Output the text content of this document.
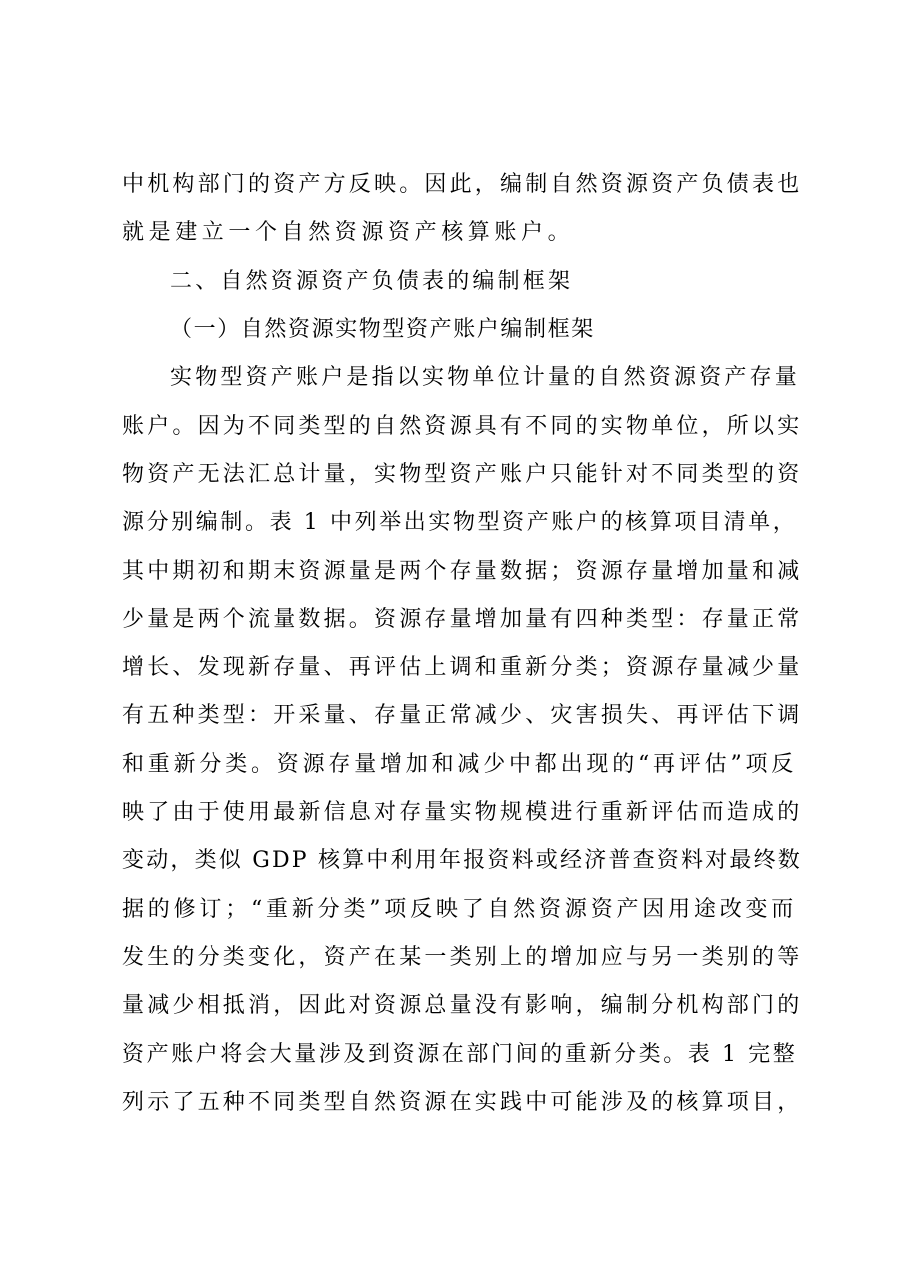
中机构部门的资产方反映。因此，编制自然资源资产负债表也
就是建立一个自然资源资产核算账户。
二、自然资源资产负债表的编制框架
（一）自然资源实物型资产账户编制框架
实物型资产账户是指以实物单位计量的自然资源资产存量
账户。因为不同类型的自然资源具有不同的实物单位，所以实
物资产无法汇总计量，实物型资产账户只能针对不同类型的资
源分别编制。表 1 中列举出实物型资产账户的核算项目清单，
其中期初和期末资源量是两个存量数据；资源存量增加量和减
少量是两个流量数据。资源存量增加量有四种类型：存量正常
增长、发现新存量、再评估上调和重新分类；资源存量减少量
有五种类型：开采量、存量正常减少、灾害损失、再评估下调
和重新分类。资源存量增加和减少中都出现的“再评估”项反
映了由于使用最新信息对存量实物规模进行重新评估而造成的
变动，类似 GDP 核算中利用年报资料或经济普查资料对最终数
据的修订；“重新分类”项反映了自然资源资产因用途改变而
发生的分类变化，资产在某一类别上的增加应与另一类别的等
量减少相抵消，因此对资源总量没有影响，编制分机构部门的
资产账户将会大量涉及到资源在部门间的重新分类。表 1 完整
列示了五种不同类型自然资源在实践中可能涉及的核算项目，
